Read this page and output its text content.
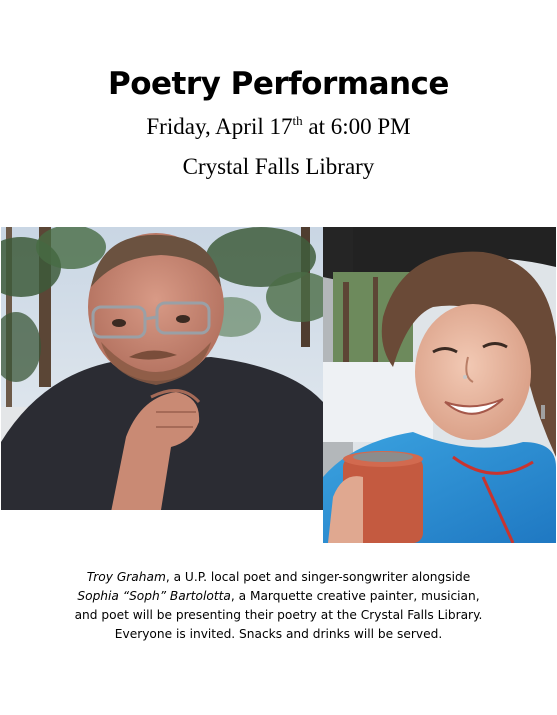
Poetry Performance
Friday, April 17th at 6:00 PM
Crystal Falls Library
Troy Graham, a U.P. local poet and singer-songwriter alongside
Sophia “Soph” Bartolotta, a Marquette creative painter, musician,
and poet will be presenting their poetry at the Crystal Falls Library.
Everyone is invited. Snacks and drinks will be served.
